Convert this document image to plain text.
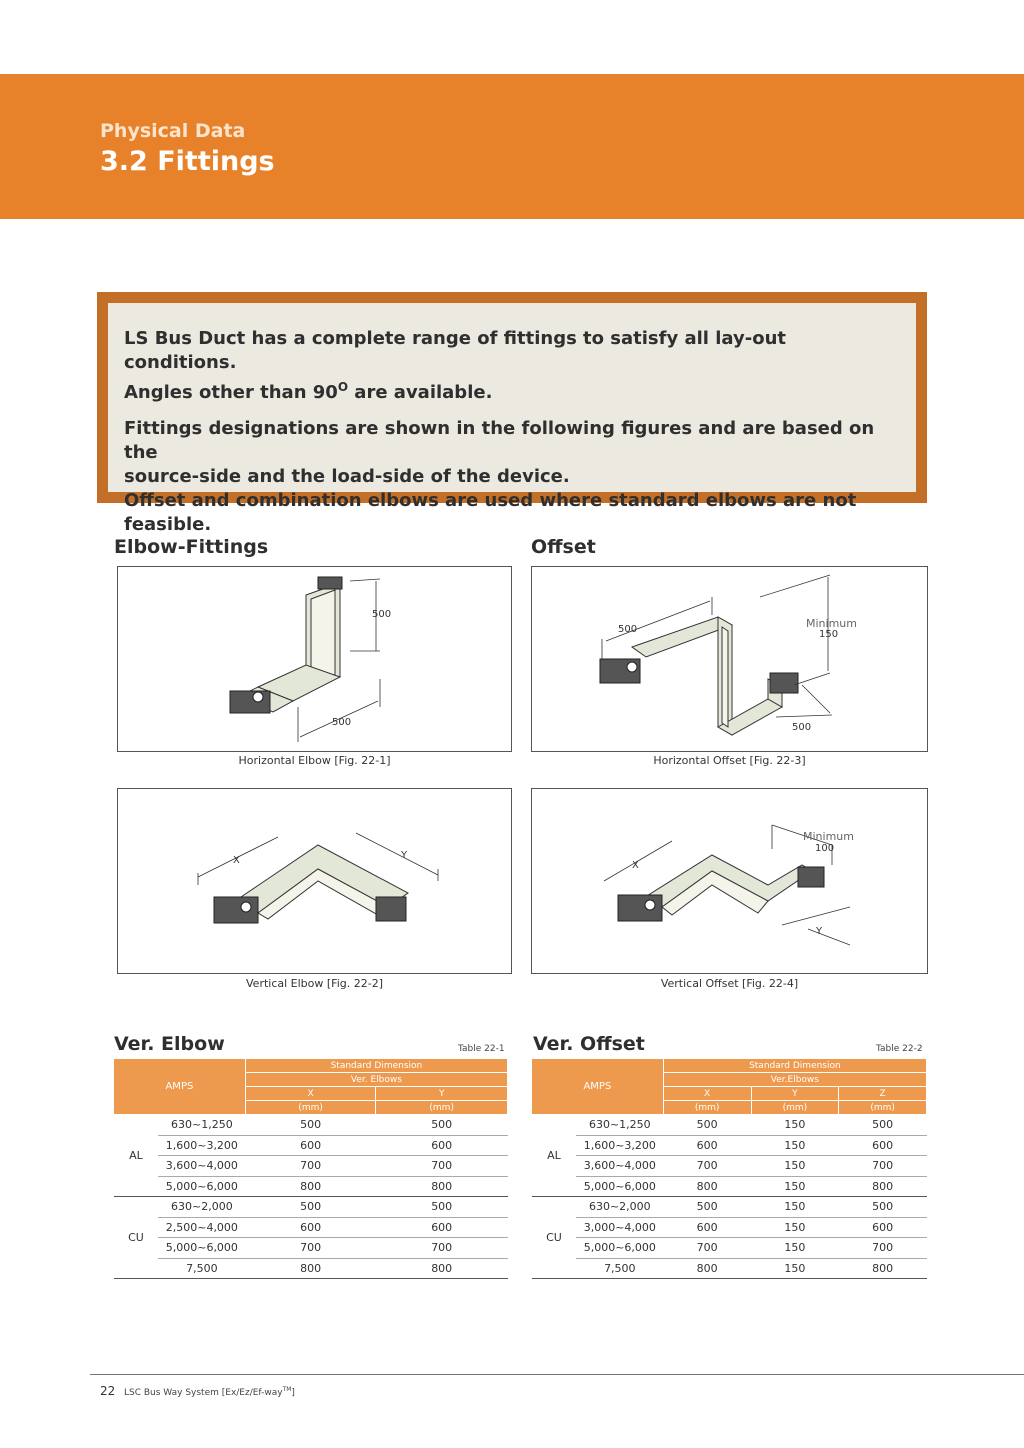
Physical Data
3.2 Fittings

LS Bus Duct has a complete range of fittings to satisfy all lay-out conditions.
Angles other than $90^O$ are available.

Fittings designations are shown in the following figures and are based on the
source-side and the load-side of the device.
Offset and combination elbows are used where standard elbows are not feasible.

Elbow-Fittings	Offset
500
500
Horizontal Elbow [Fig. 22-1]
500	Minimum
150
500
Horizontal Offset [Fig. 22-3]
X	Y
Vertical Elbow [Fig. 22-2]
X
Minimum
100
Y
Vertical Offset [Fig. 22-4]
Ver. Elbow	Table 22-1
AMPS		Standard Dimension	
		Ver. Elbows	
		X	Y
		(mm)	(mm)
AL	630~1,250	500	500
	1,600~3,200	600	600
	3,600~4,000	700	700
	5,000~6,000	800	800
CU	630~2,000	500	500
	2,500~4,000	600	600
	5,000~6,000	700	700
	7,500	800	800
Ver. Offset	Table 22-2
AMPS		Standard Dimension		
		Ver.Elbows		
		X	Y	Z
		(mm)	(mm)	(mm)
AL	630~1,250	500	150	500
	1,600~3,200	600	150	600
	3,600~4,000	700	150	700
	5,000~6,000	800	150	800
CU	630~2,000	500	150	500
	3,000~4,000	600	150	600
	5,000~6,000	700	150	700
	7,500	800	150	800
22 LSC Bus Way System [Ex/Ez/Ef-way™]
